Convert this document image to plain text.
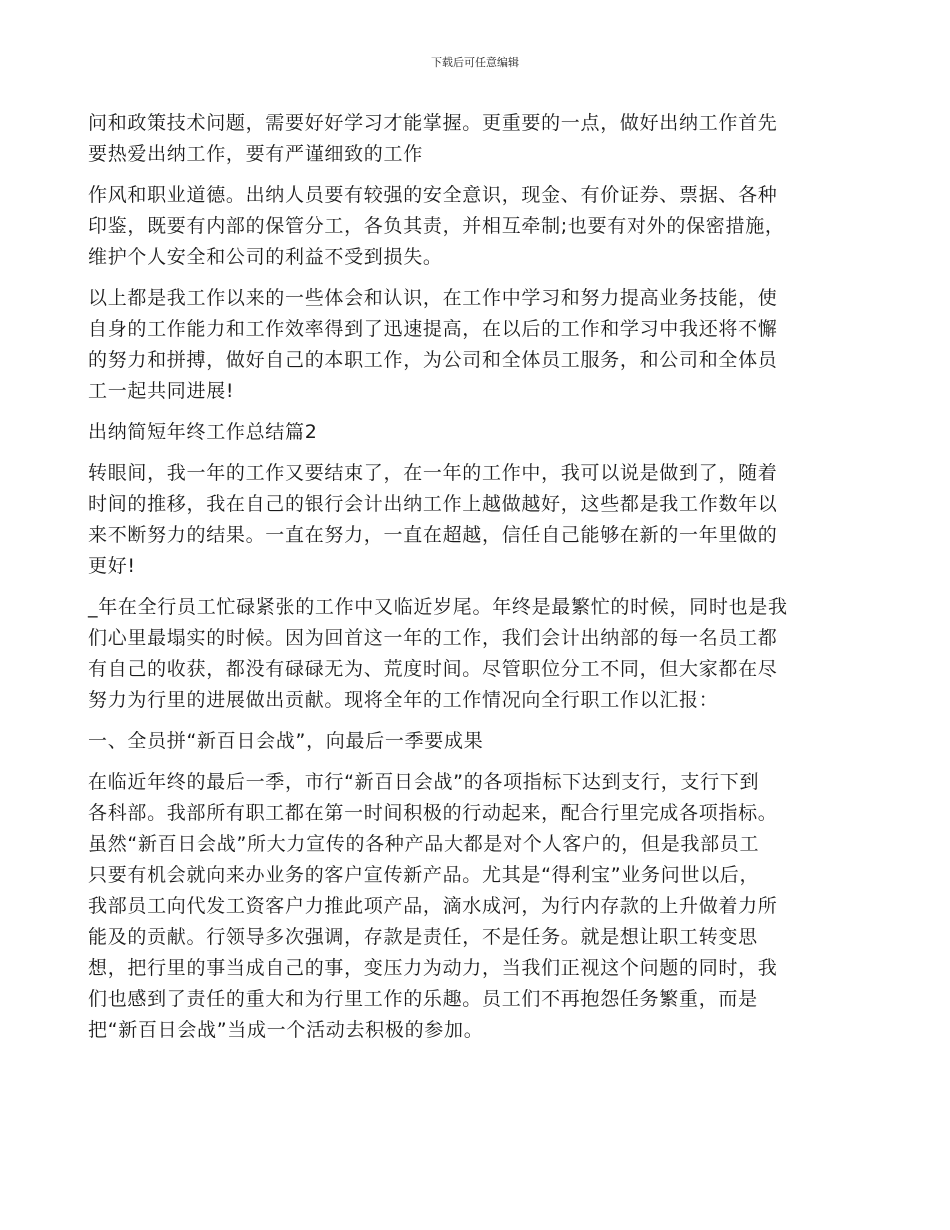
下载后可任意编辑

问和政策技术问题，需要好好学习才能掌握。更重要的一点，做好出纳工作首先
要热爱出纳工作，要有严谨细致的工作

作风和职业道德。出纳人员要有较强的安全意识，现金、有价证券、票据、各种
印鉴，既要有内部的保管分工，各负其责，并相互牵制;也要有对外的保密措施，
维护个人安全和公司的利益不受到损失。

以上都是我工作以来的一些体会和认识，在工作中学习和努力提高业务技能，使
自身的工作能力和工作效率得到了迅速提高，在以后的工作和学习中我还将不懈
的努力和拼搏，做好自己的本职工作，为公司和全体员工服务，和公司和全体员
工一起共同进展!

出纳简短年终工作总结篇2

转眼间，我一年的工作又要结束了，在一年的工作中，我可以说是做到了，随着
时间的推移，我在自己的银行会计出纳工作上越做越好，这些都是我工作数年以
来不断努力的结果。一直在努力，一直在超越，信任自己能够在新的一年里做的
更好!

_年在全行员工忙碌紧张的工作中又临近岁尾。年终是最繁忙的时候，同时也是我
们心里最塌实的时候。因为回首这一年的工作，我们会计出纳部的每一名员工都
有自己的收获，都没有碌碌无为、荒度时间。尽管职位分工不同，但大家都在尽
努力为行里的进展做出贡献。现将全年的工作情况向全行职工作以汇报：

一、全员拼“新百日会战”，向最后一季要成果

在临近年终的最后一季，市行“新百日会战”的各项指标下达到支行，支行下到
各科部。我部所有职工都在第一时间积极的行动起来，配合行里完成各项指标。
虽然“新百日会战”所大力宣传的各种产品大都是对个人客户的，但是我部员工
只要有机会就向来办业务的客户宣传新产品。尤其是“得利宝”业务问世以后，
我部员工向代发工资客户力推此项产品，滴水成河，为行内存款的上升做着力所
能及的贡献。行领导多次强调，存款是责任，不是任务。就是想让职工转变思
想，把行里的事当成自己的事，变压力为动力，当我们正视这个问题的同时，我
们也感到了责任的重大和为行里工作的乐趣。员工们不再抱怨任务繁重，而是
把“新百日会战”当成一个活动去积极的参加。
